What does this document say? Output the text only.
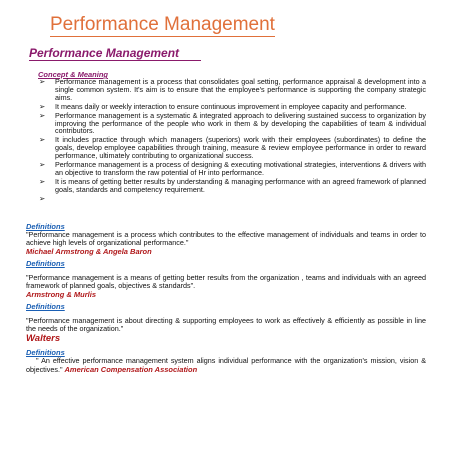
Performance Management
Performance Management
Concept & Meaning
➢ Performance management is a process that consolidates goal setting, performance appraisal & development into a single common system. It's aim is to ensure that the employee's performance is supporting the company strategic aims.
➢ It means daily or weekly interaction to ensure continuous improvement in employee capacity and performance.
➢ Performance management is a systematic & integrated approach to delivering sustained success to organization by improving the performance of the people who work in them & by developing the capabilities of team & individual contributors.
➢ It includes practice through which managers (superiors) work with their employees (subordinates) to define the goals, develop employee capabilities through training, measure & review employee performance in order to reward performance, ultimately contributing to organizational success.
➢ Performance management is a process of designing & executing motivational strategies, interventions & drivers with an objective to transform the raw potential of Hr into performance.
➢ It is means of getting better results by understanding & managing performance with an agreed framework of planned goals, standards and competency requirement.
➢
Definitions
"Performance management is a process which contributes to the effective management of individuals and teams in order to achieve high levels of organizational performance."
Michael Armstrong & Angela Baron
Definitions
"Performance management is a means of getting better results from the organization , teams and individuals with an agreed framework of planned goals, objectives & standards".
Armstrong & Murlis
Definitions
"Performance management is about directing & supporting employees to work as effectively & efficiently as possible in line the needs of the organization."
Walters
Definitions
" An effective performance management system aligns individual performance with the organization's mission, vision & objectives." American Compensation Association
